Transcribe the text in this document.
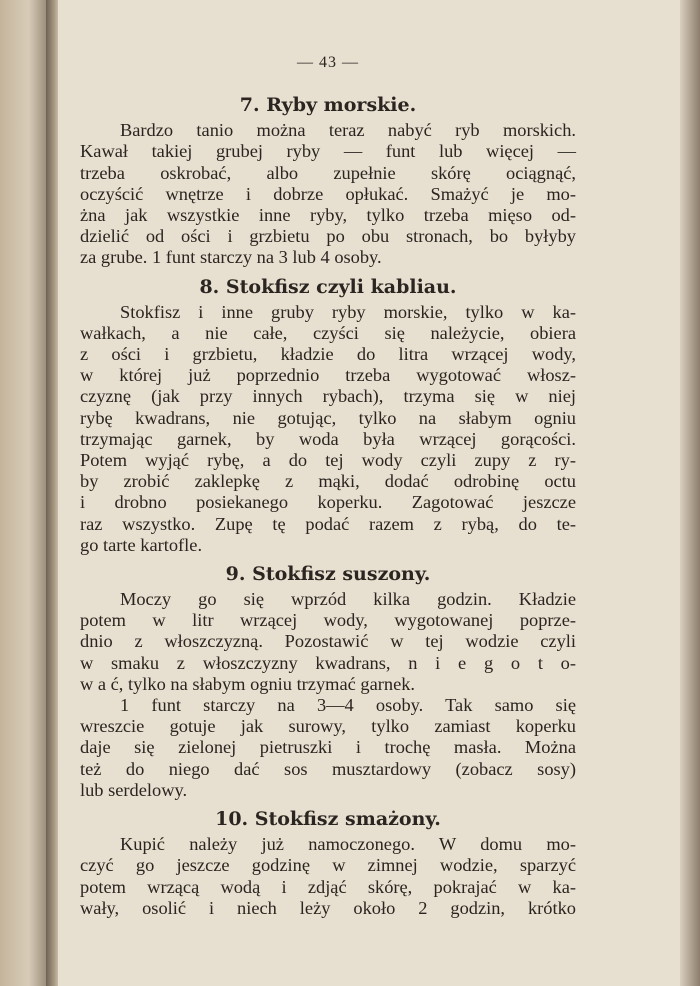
— 43 —
7. Ryby morskie.
Bardzo tanio można teraz nabyć ryb morskich.
Kawał takiej grubej ryby — funt lub więcej —
trzeba oskrobać, albo zupełnie skórę ociągnąć,
oczyścić wnętrze i dobrze opłukać. Smażyć je mo-
żna jak wszystkie inne ryby, tylko trzeba mięso od-
dzielić od ości i grzbietu po obu stronach, bo byłyby
za grube. 1 funt starczy na 3 lub 4 osoby.
8. Stokfisz czyli kabliau.
Stokfisz i inne gruby ryby morskie, tylko w ka-
wałkach, a nie całe, czyści się należycie, obiera
z ości i grzbietu, kładzie do litra wrzącej wody,
w której już poprzednio trzeba wygotować włosz-
czyznę (jak przy innych rybach), trzyma się w niej
rybę kwadrans, nie gotując, tylko na słabym ogniu
trzymając garnek, by woda była wrzącej gorącości.
Potem wyjąć rybę, a do tej wody czyli zupy z ry-
by zrobić zaklepkę z mąki, dodać odrobinę octu
i drobno posiekanego koperku. Zagotować jeszcze
raz wszystko. Zupę tę podać razem z rybą, do te-
go tarte kartofle.
9. Stokfisz suszony.
Moczy go się wprzód kilka godzin. Kładzie
potem w litr wrzącej wody, wygotowanej poprze-
dnio z włoszczyzną. Pozostawić w tej wodzie czyli
w smaku z włoszczyzny kwadrans, n i e g o t o-
w a ć, tylko na słabym ogniu trzymać garnek.
1 funt starczy na 3—4 osoby. Tak samo się
wreszcie gotuje jak surowy, tylko zamiast koperku
daje się zielonej pietruszki i trochę masła. Można
też do niego dać sos musztardowy (zobacz sosy)
lub serdelowy.
10. Stokfisz smażony.
Kupić należy już namoczonego. W domu mo-
czyć go jeszcze godzinę w zimnej wodzie, sparzyć
potem wrzącą wodą i zdjąć skórę, pokrajać w ka-
wały, osolić i niech leży około 2 godzin, krótko
